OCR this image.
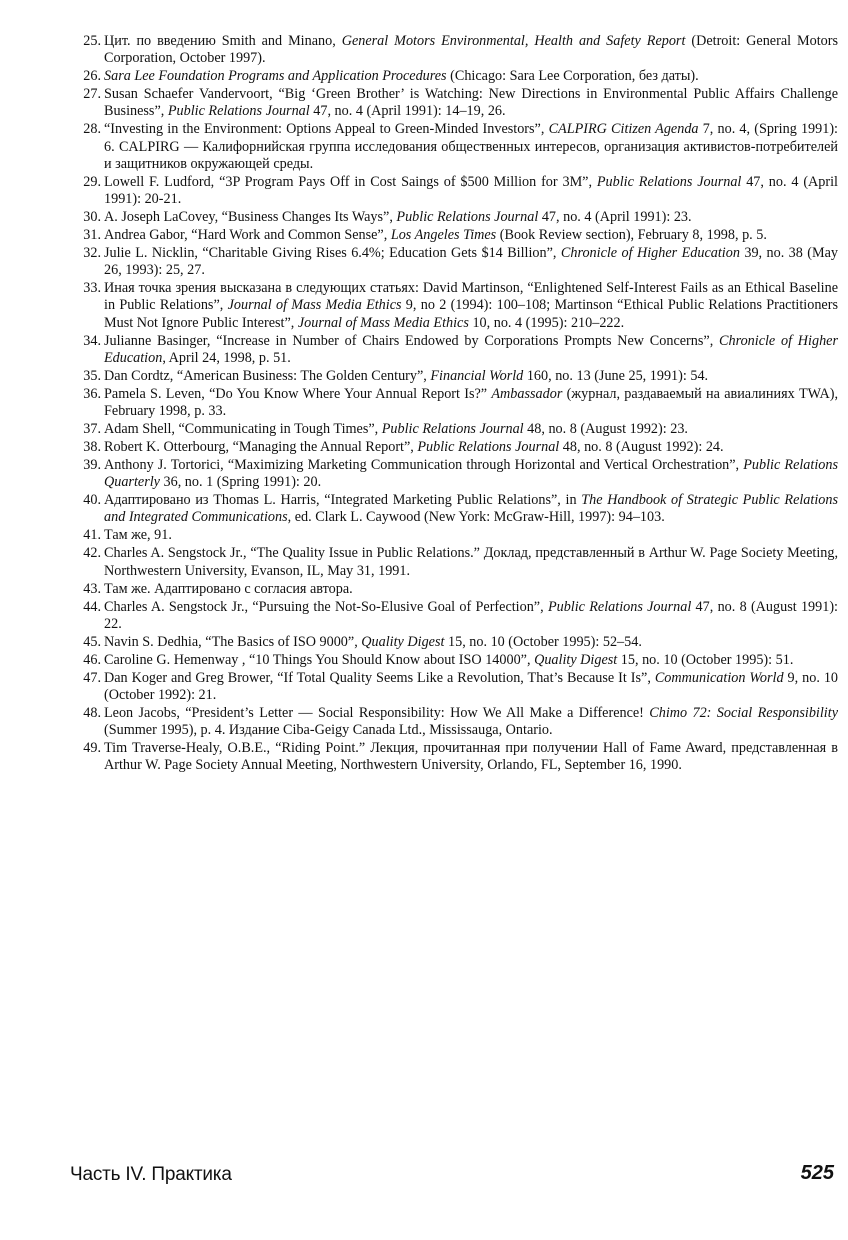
25. Цит. по введению Smith and Minano, General Motors Environmental, Health and Safety Report (Detroit: General Motors Corporation, October 1997).
26. Sara Lee Foundation Programs and Application Procedures (Chicago: Sara Lee Corporation, без даты).
27. Susan Schaefer Vandervoort, “Big ‘Green Brother’ is Watching: New Directions in Environmental Public Affairs Challenge Business”, Public Relations Journal 47, no. 4 (April 1991): 14–19, 26.
28. “Investing in the Environment: Options Appeal to Green-Minded Investors”, CALPIRG Citizen Agenda 7, no. 4, (Spring 1991): 6. CALPIRG — Калифорнийская группа исследования общественных интересов, организация активистов-потребителей и защитников окружающей среды.
29. Lowell F. Ludford, “3P Program Pays Off in Cost Saings of $500 Million for 3M”, Public Relations Journal 47, no. 4 (April 1991): 20-21.
30. A. Joseph LaCovey, “Business Changes Its Ways”, Public Relations Journal 47, no. 4 (April 1991): 23.
31. Andrea Gabor, “Hard Work and Common Sense”, Los Angeles Times (Book Review section), February 8, 1998, p. 5.
32. Julie L. Nicklin, “Charitable Giving Rises 6.4%; Education Gets $14 Billion”, Chronicle of Higher Education 39, no. 38 (May 26, 1993): 25, 27.
33. Иная точка зрения высказана в следующих статьях: David Martinson, “Enlightened Self-Interest Fails as an Ethical Baseline in Public Relations”, Journal of Mass Media Ethics 9, no 2 (1994): 100–108; Martinson “Ethical Public Relations Practitioners Must Not Ignore Public Interest”, Journal of Mass Media Ethics 10, no. 4 (1995): 210–222.
34. Julianne Basinger, “Increase in Number of Chairs Endowed by Corporations Prompts New Concerns”, Chronicle of Higher Education, April 24, 1998, p. 51.
35. Dan Cordtz, “American Business: The Golden Century”, Financial World 160, no. 13 (June 25, 1991): 54.
36. Pamela S. Leven, “Do You Know Where Your Annual Report Is?” Ambassador (журнал, раздаваемый на авиалиниях TWA), February 1998, p. 33.
37. Adam Shell, “Communicating in Tough Times”, Public Relations Journal 48, no. 8 (August 1992): 23.
38. Robert K. Otterbourg, “Managing the Annual Report”, Public Relations Journal 48, no. 8 (August 1992): 24.
39. Anthony J. Tortorici, “Maximizing Marketing Communication through Horizontal and Vertical Orchestration”, Public Relations Quarterly 36, no. 1 (Spring 1991): 20.
40. Адаптировано из Thomas L. Harris, “Integrated Marketing Public Relations”, in The Handbook of Strategic Public Relations and Integrated Communications, ed. Clark L. Caywood (New York: McGraw-Hill, 1997): 94–103.
41. Там же, 91.
42. Charles A. Sengstock Jr., “The Quality Issue in Public Relations.” Доклад, представленный в Arthur W. Page Society Meeting, Northwestern University, Evanson, IL, May 31, 1991.
43. Там же. Адаптировано с согласия автора.
44. Charles A. Sengstock Jr., “Pursuing the Not-So-Elusive Goal of Perfection”, Public Relations Journal 47, no. 8 (August 1991): 22.
45. Navin S. Dedhia, “The Basics of ISO 9000”, Quality Digest 15, no. 10 (October 1995): 52–54.
46. Caroline G. Hemenway , “10 Things You Should Know about ISO 14000”, Quality Digest 15, no. 10 (October 1995): 51.
47. Dan Koger and Greg Brower, “If Total Quality Seems Like a Revolution, That’s Because It Is”, Communication World 9, no. 10 (October 1992): 21.
48. Leon Jacobs, “President’s Letter — Social Responsibility: How We All Make a Difference! Chimo 72: Social Responsibility (Summer 1995), p. 4. Издание Ciba-Geigy Canada Ltd., Mississauga, Ontario.
49. Tim Traverse-Healy, O.B.E., “Riding Point.” Лекция, прочитанная при получении Hall of Fame Award, представленная в Arthur W. Page Society Annual Meeting, Northwestern University, Orlando, FL, September 16, 1990.
Часть IV. Практика	525
